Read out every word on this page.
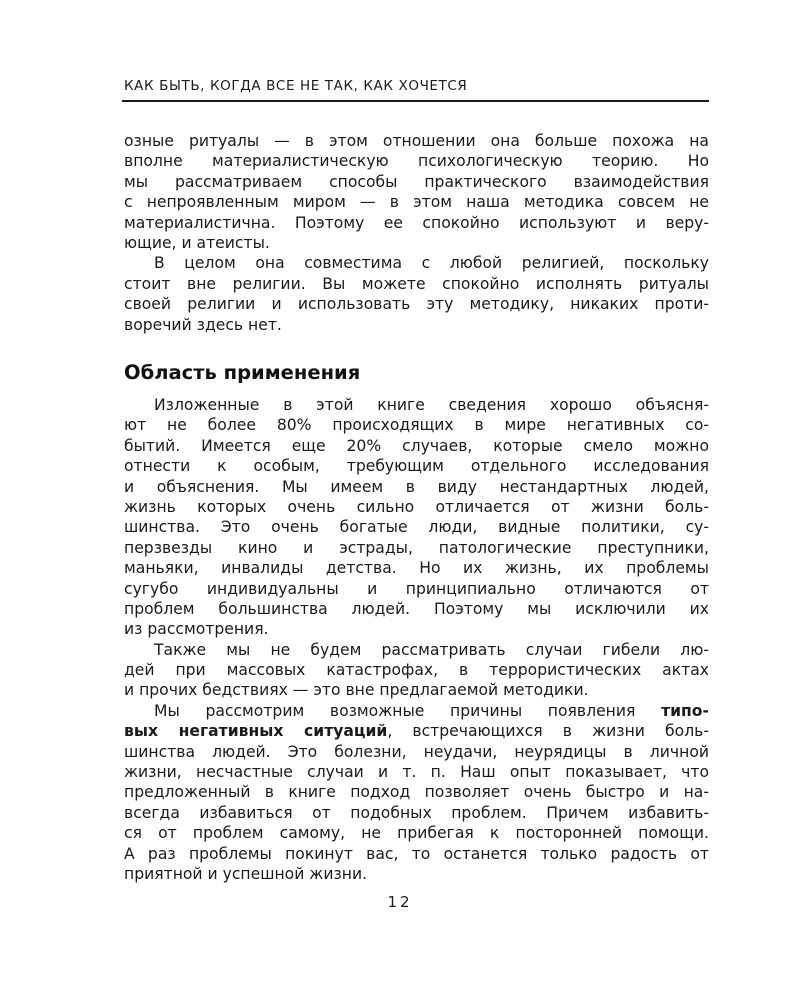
КАК БЫТЬ, КОГДА ВСЕ НЕ ТАК, КАК ХОЧЕТСЯ
озные ритуалы — в этом отношении она больше похожа на
вполне материалистическую психологическую теорию. Но
мы рассматриваем способы практического взаимодействия
с непроявленным миром — в этом наша методика совсем не
материалистична. Поэтому ее спокойно используют и веру-
ющие, и атеисты.
В целом она совместима с любой религией, поскольку
стоит вне религии. Вы можете спокойно исполнять ритуалы
своей религии и использовать эту методику, никаких проти-
воречий здесь нет.
Область применения
Изложенные в этой книге сведения хорошо объясня-
ют не более 80% происходящих в мире негативных со-
бытий. Имеется еще 20% случаев, которые смело можно
отнести к особым, требующим отдельного исследования
и объяснения. Мы имеем в виду нестандартных людей,
жизнь которых очень сильно отличается от жизни боль-
шинства. Это очень богатые люди, видные политики, су-
перзвезды кино и эстрады, патологические преступники,
маньяки, инвалиды детства. Но их жизнь, их проблемы
сугубо индивидуальны и принципиально отличаются от
проблем большинства людей. Поэтому мы исключили их
из рассмотрения.
Также мы не будем рассматривать случаи гибели лю-
дей при массовых катастрофах, в террористических актах
и прочих бедствиях — это вне предлагаемой методики.
Мы рассмотрим возможные причины появления типо-
вых негативных ситуаций, встречающихся в жизни боль-
шинства людей. Это болезни, неудачи, неурядицы в личной
жизни, несчастные случаи и т. п. Наш опыт показывает, что
предложенный в книге подход позволяет очень быстро и на-
всегда избавиться от подобных проблем. Причем избавить-
ся от проблем самому, не прибегая к посторонней помощи.
А раз проблемы покинут вас, то останется только радость от
приятной и успешной жизни.
12
